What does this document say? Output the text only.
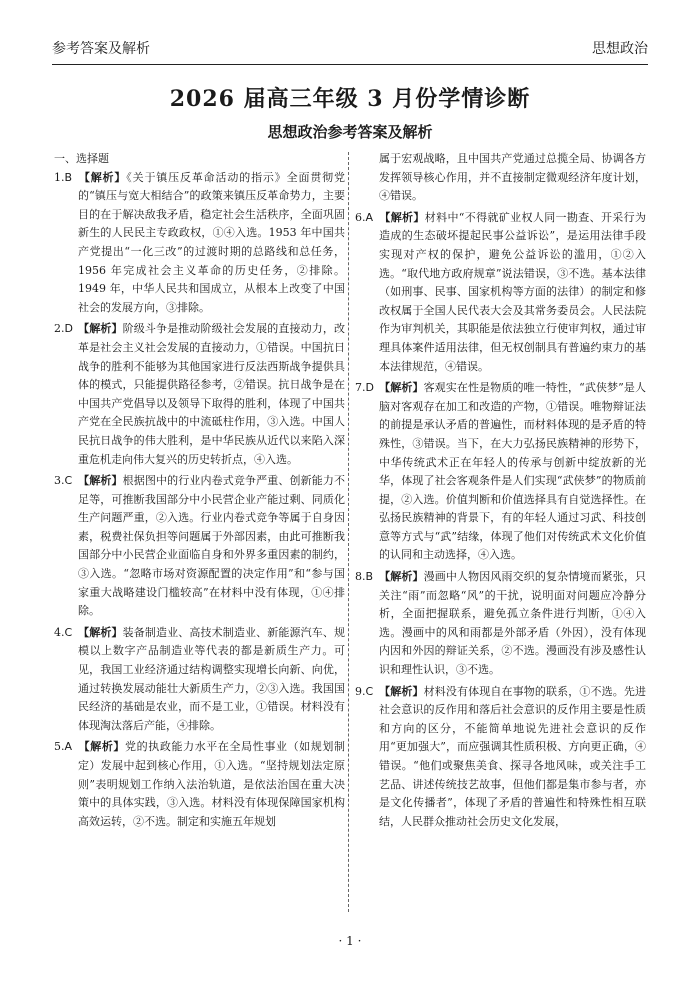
参考答案及解析	思想政治
2026 届高三年级 3 月份学情诊断
思想政治参考答案及解析
一、选择题
1.B 【解析】《关于镇压反革命活动的指示》全面贯彻党的“镇压与宽大相结合”的政策来镇压反革命势力，主要目的在于解决敌我矛盾，稳定社会生活秩序，全面巩固新生的人民民主专政政权，①④入选。1953 年中国共产党提出“一化三改”的过渡时期的总路线和总任务，1956 年完成社会主义革命的历史任务，②排除。1949 年，中华人民共和国成立，从根本上改变了中国社会的发展方向，③排除。
2.D 【解析】阶级斗争是推动阶级社会发展的直接动力，改革是社会主义社会发展的直接动力，①错误。中国抗日战争的胜利不能够为其他国家进行反法西斯战争提供具体的模式，只能提供路径参考，②错误。抗日战争是在中国共产党倡导以及领导下取得的胜利，体现了中国共产党在全民族抗战中的中流砥柱作用，③入选。中国人民抗日战争的伟大胜利，是中华民族从近代以来陷入深重危机走向伟大复兴的历史转折点，④入选。
3.C 【解析】根据图中的行业内卷式竞争严重、创新能力不足等，可推断我国部分中小民营企业产能过剩、同质化生产问题严重，②入选。行业内卷式竞争等属于自身因素，税费社保负担等问题属于外部因素，由此可推断我国部分中小民营企业面临自身和外界多重因素的制约，③入选。“忽略市场对资源配置的决定作用”和“参与国家重大战略建设门槛较高”在材料中没有体现，①④排除。
4.C 【解析】装备制造业、高技术制造业、新能源汽车、规模以上数字产品制造业等代表的都是新质生产力。可见，我国工业经济通过结构调整实现增长向新、向优，通过转换发展动能壮大新质生产力，②③入选。我国国民经济的基础是农业，而不是工业，①错误。材料没有体现淘汰落后产能，④排除。
5.A 【解析】党的执政能力水平在全局性事业（如规划制定）发展中起到核心作用，①入选。“坚持规划法定原则”表明规划工作纳入法治轨道，是依法治国在重大决策中的具体实践，③入选。材料没有体现保障国家机构高效运转，②不选。制定和实施五年规划
属于宏观战略，且中国共产党通过总揽全局、协调各方发挥领导核心作用，并不直接制定微观经济年度计划，④错误。
6.A 【解析】材料中“不得就矿业权人同一勘查、开采行为造成的生态破坏提起民事公益诉讼”，是运用法律手段实现对产权的保护，避免公益诉讼的滥用，①②入选。“取代地方政府规章”说法错误，③不选。基本法律（如刑事、民事、国家机构等方面的法律）的制定和修改权属于全国人民代表大会及其常务委员会。人民法院作为审判机关，其职能是依法独立行使审判权，通过审理具体案件适用法律，但无权创制具有普遍约束力的基本法律规范，④错误。
7.D 【解析】客观实在性是物质的唯一特性，“武侠梦”是人脑对客观存在加工和改造的产物，①错误。唯物辩证法的前提是承认矛盾的普遍性，而材料体现的是矛盾的特殊性，③错误。当下，在大力弘扬民族精神的形势下，中华传统武术正在年轻人的传承与创新中绽放新的光华，体现了社会客观条件是人们实现“武侠梦”的物质前提，②入选。价值判断和价值选择具有自觉选择性。在弘扬民族精神的背景下，有的年轻人通过习武、科技创意等方式与“武”结缘，体现了他们对传统武术文化价值的认同和主动选择，④入选。
8.B 【解析】漫画中人物因风雨交织的复杂情境而紧张，只关注“雨”而忽略“风”的干扰，说明面对问题应冷静分析，全面把握联系，避免孤立条件进行判断，①④入选。漫画中的风和雨都是外部矛盾（外因），没有体现内因和外因的辩证关系，②不选。漫画没有涉及感性认识和理性认识，③不选。
9.C 【解析】材料没有体现自在事物的联系，①不选。先进社会意识的反作用和落后社会意识的反作用主要是性质和方向的区分，不能简单地说先进社会意识的反作用“更加强大”，而应强调其性质积极、方向更正确，④错误。“他们或聚焦美食、探寻各地风味，或关注手工艺品、讲述传统技艺故事，但他们都是集市参与者，亦是文化传播者”，体现了矛盾的普遍性和特殊性相互联结，人民群众推动社会历史文化发展，
· 1 ·
